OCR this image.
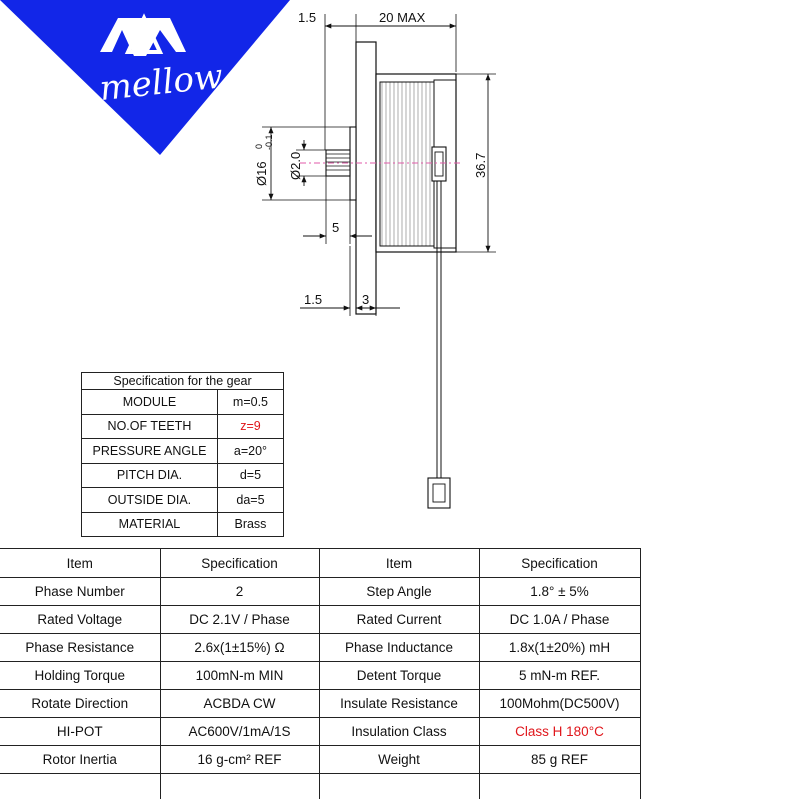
20 MAX
1.5
36.7
Ø16
0 -0.1
Ø2.0
5
1.5	3
mellow
Specification for the gear	
MODULE	m=0.5
NO.OF TEETH	z=9
PRESSURE ANGLE	a=20°
PITCH DIA.	d=5
OUTSIDE DIA.	da=5
MATERIAL	Brass
Item	Specification	Item	Specification
Phase Number	2	Step Angle	1.8° ± 5%
Rated Voltage	DC 2.1V / Phase	Rated Current	DC 1.0A / Phase
Phase Resistance	2.6x(1±15%) Ω	Phase Inductance	1.8x(1±20%) mH
Holding Torque	100mN-m MIN	Detent Torque	5 mN-m REF.
Rotate Direction	ACBDA CW	Insulate Resistance	100Mohm(DC500V)
HI-POT	AC600V/1mA/1S	Insulation Class	Class H 180°C
Rotor Inertia	16 g-cm² REF	Weight	85 g REF
